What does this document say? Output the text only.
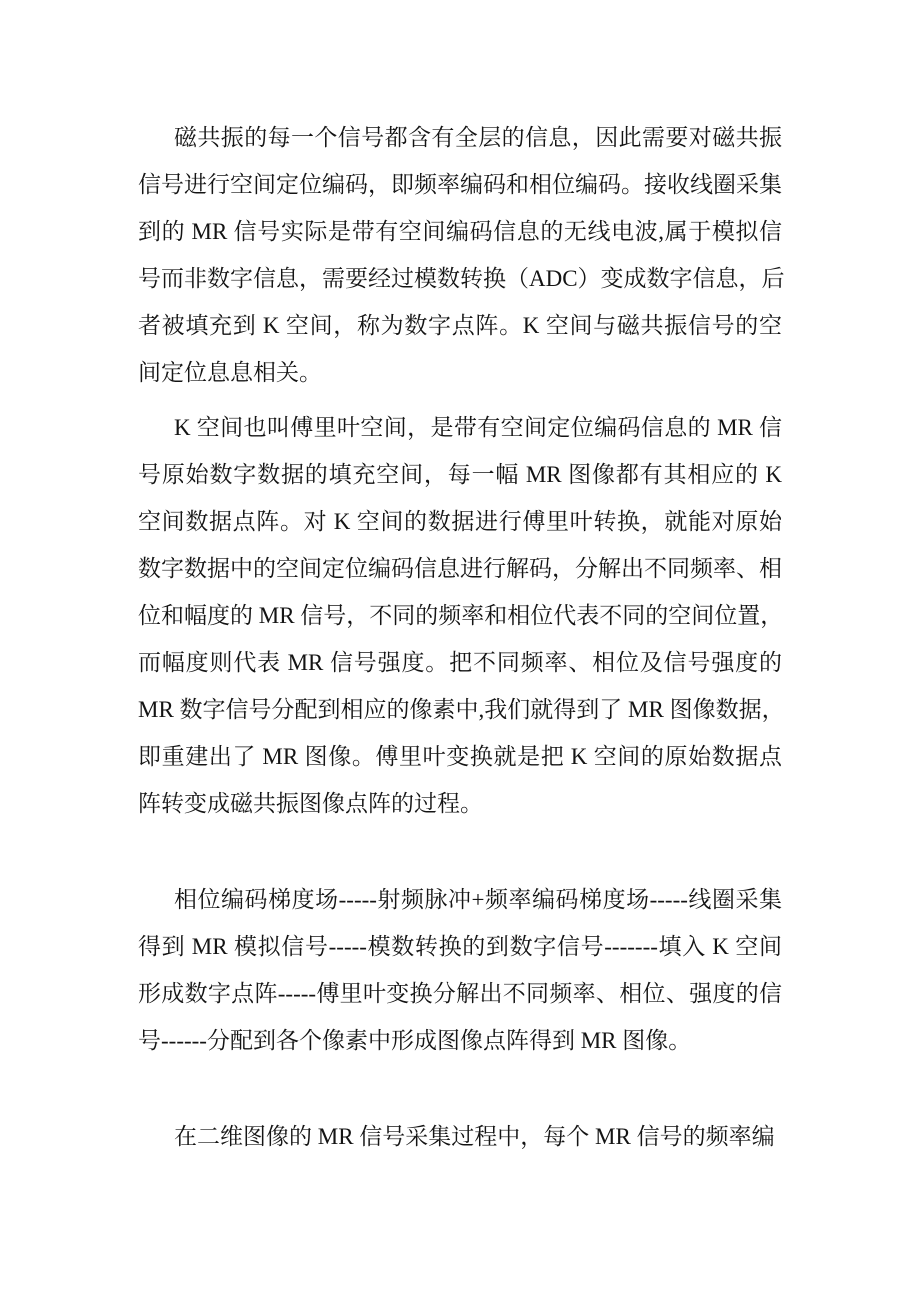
磁共振的每一个信号都含有全层的信息，因此需要对磁共振
信号进行空间定位编码，即频率编码和相位编码。接收线圈采集
到的 MR 信号实际是带有空间编码信息的无线电波,属于模拟信
号而非数字信息，需要经过模数转换（ADC）变成数字信息，后
者被填充到 K 空间，称为数字点阵。K 空间与磁共振信号的空
间定位息息相关。
K 空间也叫傅里叶空间，是带有空间定位编码信息的 MR 信
号原始数字数据的填充空间，每一幅 MR 图像都有其相应的 K
空间数据点阵。对 K 空间的数据进行傅里叶转换，就能对原始
数字数据中的空间定位编码信息进行解码，分解出不同频率、相
位和幅度的 MR 信号，不同的频率和相位代表不同的空间位置，
而幅度则代表 MR 信号强度。把不同频率、相位及信号强度的
MR 数字信号分配到相应的像素中,我们就得到了 MR 图像数据，
即重建出了 MR 图像。傅里叶变换就是把 K 空间的原始数据点
阵转变成磁共振图像点阵的过程。
相位编码梯度场-----射频脉冲+频率编码梯度场-----线圈采集
得到 MR 模拟信号-----模数转换的到数字信号-------填入 K 空间
形成数字点阵-----傅里叶变换分解出不同频率、相位、强度的信
号------分配到各个像素中形成图像点阵得到 MR 图像。
在二维图像的 MR 信号采集过程中，每个 MR 信号的频率编
